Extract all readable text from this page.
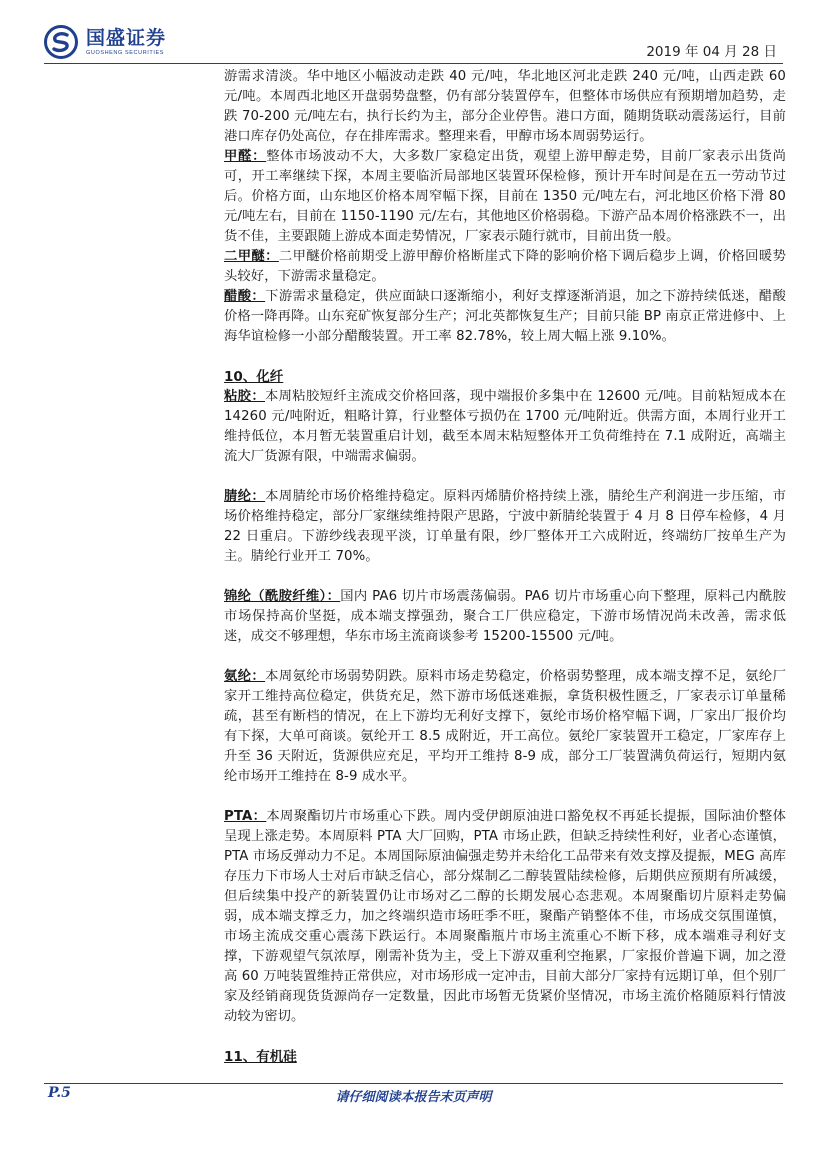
国盛证券
GUOSHENG SECURITIES	2019 年 04 月 28 日

游需求清淡。华中地区小幅波动走跌 40 元/吨，华北地区河北走跌 240 元/吨，山西走跌 60 元/吨。本周西北地区开盘弱势盘整，仍有部分装置停车，但整体市场供应有预期增加趋势，走跌 70-200 元/吨左右，执行长约为主，部分企业停售。港口方面，随期货联动震荡运行，目前港口库存仍处高位，存在排库需求。整理来看，甲醇市场本周弱势运行。

甲醛：整体市场波动不大，大多数厂家稳定出货，观望上游甲醇走势，目前厂家表示出货尚可，开工率继续下探，本周主要临沂局部地区装置环保检修，预计开车时间是在五一劳动节过后。价格方面，山东地区价格本周窄幅下探，目前在 1350 元/吨左右，河北地区价格下滑 80 元/吨左右，目前在 1150-1190 元/左右，其他地区价格弱稳。下游产品本周价格涨跌不一，出货不佳，主要跟随上游成本面走势情况，厂家表示随行就市，目前出货一般。

二甲醚：二甲醚价格前期受上游甲醇价格断崖式下降的影响价格下调后稳步上调，价格回暖势头较好，下游需求量稳定。

醋酸：下游需求量稳定，供应面缺口逐渐缩小，利好支撑逐渐消退，加之下游持续低迷，醋酸价格一降再降。山东兖矿恢复部分生产；河北英都恢复生产；目前只能 BP 南京正常进修中、上海华谊检修一小部分醋酸装置。开工率 82.78%，较上周大幅上涨 9.10%。

10、化纤

粘胶：本周粘胶短纤主流成交价格回落，现中端报价多集中在 12600 元/吨。目前粘短成本在 14260 元/吨附近，粗略计算，行业整体亏损仍在 1700 元/吨附近。供需方面，本周行业开工维持低位，本月暂无装置重启计划，截至本周末粘短整体开工负荷维持在 7.1 成附近，高端主流大厂货源有限，中端需求偏弱。

腈纶：本周腈纶市场价格维持稳定。原料丙烯腈价格持续上涨，腈纶生产利润进一步压缩，市场价格维持稳定，部分厂家继续维持限产思路，宁波中新腈纶装置于 4 月 8 日停车检修，4 月 22 日重启。下游纱线表现平淡，订单量有限，纱厂整体开工六成附近，终端纺厂按单生产为主。腈纶行业开工 70%。

锦纶（酰胺纤维）：国内 PA6 切片市场震荡偏弱。PA6 切片市场重心向下整理，原料己内酰胺市场保持高价坚挺，成本端支撑强劲，聚合工厂供应稳定，下游市场情况尚未改善，需求低迷，成交不够理想，华东市场主流商谈参考 15200-15500 元/吨。

氨纶：本周氨纶市场弱势阴跌。原料市场走势稳定，价格弱势整理，成本端支撑不足，氨纶厂家开工维持高位稳定，供货充足，然下游市场低迷难振，拿货积极性匮乏，厂家表示订单量稀疏，甚至有断档的情况，在上下游均无利好支撑下，氨纶市场价格窄幅下调，厂家出厂报价均有下探，大单可商谈。氨纶开工 8.5 成附近，开工高位。氨纶厂家装置开工稳定，厂家库存上升至 36 天附近，货源供应充足，平均开工维持 8-9 成，部分工厂装置满负荷运行，短期内氨纶市场开工维持在 8-9 成水平。

PTA：本周聚酯切片市场重心下跌。周内受伊朗原油进口豁免权不再延长提振，国际油价整体呈现上涨走势。本周原料 PTA 大厂回购，PTA 市场止跌，但缺乏持续性利好，业者心态谨慎，PTA 市场反弹动力不足。本周国际原油偏强走势并未给化工品带来有效支撑及提振，MEG 高库存压力下市场人士对后市缺乏信心，部分煤制乙二醇装置陆续检修，后期供应预期有所减缓，但后续集中投产的新装置仍让市场对乙二醇的长期发展心态悲观。本周聚酯切片原料走势偏弱，成本端支撑乏力，加之终端织造市场旺季不旺，聚酯产销整体不佳，市场成交氛围谨慎，市场主流成交重心震荡下跌运行。本周聚酯瓶片市场主流重心不断下移，成本端难寻利好支撑，下游观望气氛浓厚，刚需补货为主，受上下游双重利空拖累，厂家报价普遍下调，加之澄高 60 万吨装置维持正常供应，对市场形成一定冲击，目前大部分厂家持有远期订单，但个别厂家及经销商现货货源尚存一定数量，因此市场暂无货紧价坚情况，市场主流价格随原料行情波动较为密切。

11、有机硅

P.5	请仔细阅读本报告末页声明
